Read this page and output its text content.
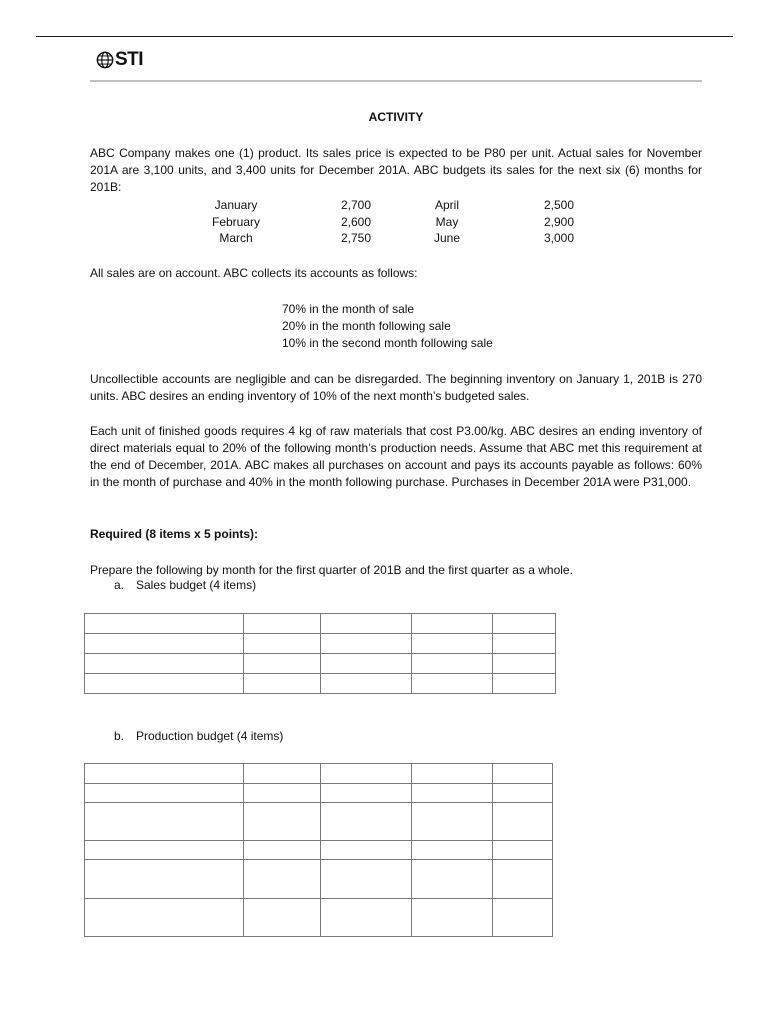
STI
ACTIVITY
ABC Company makes one (1) product. Its sales price is expected to be P80 per unit. Actual sales for November 201A are 3,100 units, and 3,400 units for December 201A. ABC budgets its sales for the next six (6) months for 201B:
January	2,700	April	2,500
February	2,600	May	2,900
March	2,750	June	3,000
All sales are on account. ABC collects its accounts as follows:
70% in the month of sale
20% in the month following sale
10% in the second month following sale
Uncollectible accounts are negligible and can be disregarded. The beginning inventory on January 1, 201B is 270 units. ABC desires an ending inventory of 10% of the next month’s budgeted sales.
Each unit of finished goods requires 4 kg of raw materials that cost P3.00/kg. ABC desires an ending inventory of direct materials equal to 20% of the following month’s production needs. Assume that ABC met this requirement at the end of December, 201A. ABC makes all purchases on account and pays its accounts payable as follows: 60% in the month of purchase and 40% in the month following purchase. Purchases in December 201A were P31,000.
Required (8 items x 5 points):
Prepare the following by month for the first quarter of 201B and the first quarter as a whole.
a. Sales budget (4 items)

b. Production budget (4 items)
